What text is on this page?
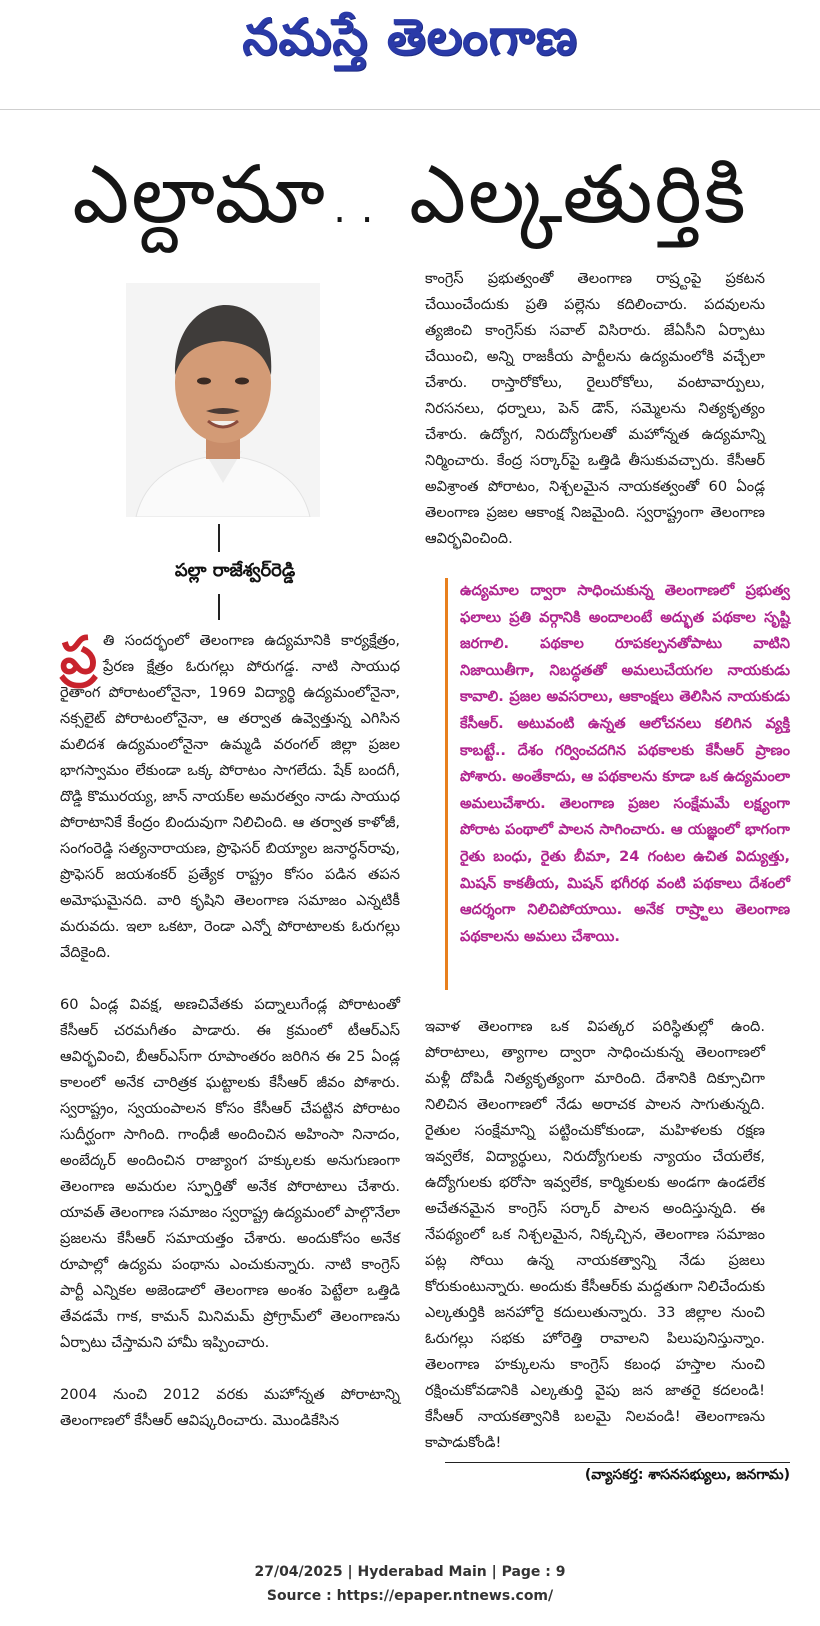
నమస్తే తెలంగాణ
ఎల్దామా.. ఎల్కతుర్తికి
పల్లా రాజేశ్వర్‌రెడ్డి

ప్ర తి సందర్భంలో తెలంగాణ ఉద్యమానికి కార్యక్షేత్రం, ప్రేరణ క్షేత్రం ఓరుగల్లు పోరుగడ్డ. నాటి సాయుధ రైతాంగ పోరాటంలోనైనా, 1969 విద్యార్థి ఉద్యమంలోనైనా, నక్సలైట్‌ పోరాటంలోనైనా, ఆ తర్వాత ఉవ్వెత్తున్న ఎగిసిన మలిదశ ఉద్యమంలోనైనా ఉమ్మడి వరంగల్‌ జిల్లా ప్రజల భాగస్వామం లేకుండా ఒక్క పోరాటం సాగలేదు. షేక్‌ బందగీ, దొడ్డి కొమురయ్య, జాన్‌ నాయక్‌ల అమరత్వం నాడు సాయుధ పోరాటానికే కేంద్రం బిందువుగా నిలిచింది. ఆ తర్వాత కాళోజీ, సంగంరెడ్డి సత్యనారాయణ, ప్రొఫెసర్‌ బియ్యాల జనార్ధన్‌రావు, ప్రొఫెసర్‌ జయశంకర్‌ ప్రత్యేక రాష్ట్రం కోసం పడిన తపన అమోఘమైనది. వారి కృషిని తెలంగాణ సమాజం ఎన్నటికీ మరువదు. ఇలా ఒకటా, రెండా ఎన్నో పోరాటాలకు ఓరుగల్లు వేదికైంది.

60 ఏండ్ల వివక్ష, అణచివేతకు పద్నాలుగేండ్ల పోరాటంతో కేసీఆర్‌ చరమగీతం పాడారు. ఈ క్రమంలో టీఆర్‌ఎస్‌ ఆవిర్భవించి, బీఆర్‌ఎస్‌గా రూపాంతరం జరిగిన ఈ 25 ఏండ్ల కాలంలో అనేక చారిత్రక ఘట్టాలకు కేసీఆర్‌ జీవం పోశారు. స్వరాష్ట్రం, స్వయంపాలన కోసం కేసీఆర్‌ చేపట్టిన పోరాటం సుదీర్ఘంగా సాగింది. గాంధీజీ అందించిన అహింసా నినాదం, అంబేద్కర్‌ అందించిన రాజ్యాంగ హక్కులకు అనుగుణంగా తెలంగాణ అమరుల స్ఫూర్తితో అనేక పోరాటాలు చేశారు. యావత్‌ తెలంగాణ సమాజం స్వరాష్ట్ర ఉద్యమంలో పాల్గొనేలా ప్రజలను కేసీఆర్‌ సమాయత్తం చేశారు. అందుకోసం అనేక రూపాల్లో ఉద్యమ పంథాను ఎంచుకున్నారు. నాటి కాంగ్రెస్‌ పార్టీ ఎన్నికల అజెండాలో తెలంగాణ అంశం పెట్టేలా ఒత్తిడి తేవడమే గాక, కామన్‌ మినిమమ్‌ ప్రోగ్రామ్‌లో తెలంగాణను ఏర్పాటు చేస్తామని హామీ ఇప్పించారు.

2004 నుంచి 2012 వరకు మహోన్నత పోరాటాన్ని తెలంగాణలో కేసీఆర్‌ ఆవిష్కరించారు. మొండికేసిన

కాంగ్రెస్‌ ప్రభుత్వంతో తెలంగాణ రాష్ర్టంపై ప్రకటన చేయించేందుకు ప్రతి పల్లెను కదిలించారు. పదవులను త్యజించి కాంగ్రెస్‌కు సవాల్‌ విసిరారు. జేఏసీని ఏర్పాటు చేయించి, అన్ని రాజకీయ పార్టీలను ఉద్యమంలోకి వచ్చేలా చేశారు. రాస్తారోకోలు, రైలురోకోలు, వంటావార్పులు, నిరసనలు, ధర్నాలు, పెన్‌ డౌన్‌, సమ్మెలను నిత్యకృత్యం చేశారు. ఉద్యోగ, నిరుద్యోగులతో మహోన్నత ఉద్యమాన్ని నిర్మించారు. కేంద్ర సర్కార్‌పై ఒత్తిడి తీసుకువచ్చారు. కేసీఆర్‌ అవిశ్రాంత పోరాటం, నిశ్చలమైన నాయకత్వంతో 60 ఏండ్ల తెలంగాణ ప్రజల ఆకాంక్ష నిజమైంది. స్వరాష్ట్రంగా తెలంగాణ ఆవిర్భవించింది.

ఉద్యమాల ద్వారా సాధించుకున్న తెలంగాణలో ప్రభుత్వ ఫలాలు ప్రతి వర్గానికి అందాలంటే అద్భుత పథకాల సృష్టి జరగాలి. పథకాల రూపకల్పనతోపాటు వాటిని నిజాయితీగా, నిబద్ధతతో అమలుచేయగల నాయకుడు కావాలి. ప్రజల అవసరాలు, ఆకాంక్షలు తెలిసిన నాయకుడు కేసీఆర్‌. అటువంటి ఉన్నత ఆలోచనలు కలిగిన వ్యక్తి కాబట్టే.. దేశం గర్వించదగిన పథకాలకు కేసీఆర్‌ ప్రాణం పోశారు. అంతేకాదు, ఆ పథకాలను కూడా ఒక ఉద్యమంలా అమలుచేశారు. తెలంగాణ ప్రజల సంక్షేమమే లక్ష్యంగా పోరాట పంథాలో పాలన సాగించారు. ఆ యజ్ఞంలో భాగంగా రైతు బంధు, రైతు బీమా, 24 గంటల ఉచిత విద్యుత్తు, మిషన్‌ కాకతీయ, మిషన్‌ భగీరథ వంటి పథకాలు దేశంలో ఆదర్శంగా నిలిచిపోయాయి. అనేక రాష్ర్టాలు తెలంగాణ పథకాలను అమలు చేశాయి.

ఇవాళ తెలంగాణ ఒక విపత్కర పరిస్థితుల్లో ఉంది. పోరాటాలు, త్యాగాల ద్వారా సాధించుకున్న తెలంగాణలో మళ్లీ దోపిడీ నిత్యకృత్యంగా మారింది. దేశానికి దిక్సూచిగా నిలిచిన తెలంగాణలో నేడు అరాచక పాలన సాగుతున్నది. రైతుల సంక్షేమాన్ని పట్టించుకోకుండా, మహిళలకు రక్షణ ఇవ్వలేక, విద్యార్థులు, నిరుద్యోగులకు న్యాయం చేయలేక, ఉద్యోగులకు భరోసా ఇవ్వలేక, కార్మికులకు అండగా ఉండలేక అచేతనమైన కాంగ్రెస్‌ సర్కార్‌ పాలన అందిస్తున్నది. ఈ నేపథ్యంలో ఒక నిశ్చలమైన, నిక్కచ్చిన, తెలంగాణ సమాజం పట్ల సోయి ఉన్న నాయకత్వాన్ని నేడు ప్రజలు కోరుకుంటున్నారు. అందుకు కేసీఆర్‌కు మద్దతుగా నిలిచేందుకు ఎల్కతుర్తికి జనహోరై కదులుతున్నారు. 33 జిల్లాల నుంచి ఓరుగల్లు సభకు హోరెత్తి రావాలని పిలుపునిస్తున్నాం. తెలంగాణ హక్కులను కాంగ్రెస్‌ కబంధ హస్తాల నుంచి రక్షించుకోవడానికి ఎల్కతుర్తి వైపు జన జాతరై కదలండి! కేసీఆర్‌ నాయకత్వానికి బలమై నిలవండి! తెలంగాణను కాపాడుకోండి!

(వ్యాసకర్త: శాసనసభ్యులు, జనగామ)
27/04/2025 | Hyderabad Main | Page : 9
Source : https://epaper.ntnews.com/
